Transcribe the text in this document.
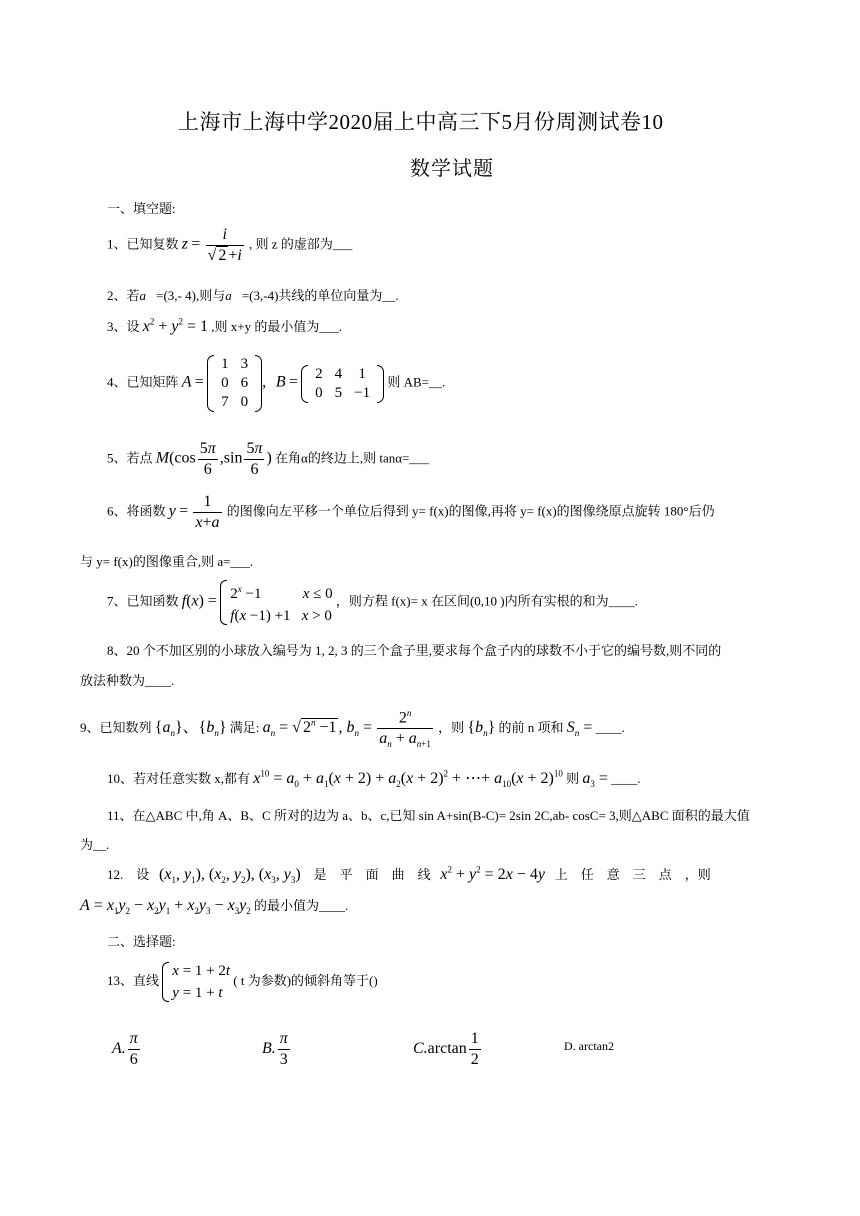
上海市上海中学2020届上中高三下5月份周测试卷10
数学试题
一、填空题:
1、已知复数 $z = \frac{i}{√ 2 +i}$ , 则 z 的虚部为___
2、若a⃗=(3,- 4),则与a⃗=(3,-4)共线的单位向量为__.
3、设 $x^2 + y^2 = 1$ ,则 x+y 的最小值为___.
4、已知矩阵 A =
1	3
0	6
7	0
, B = 2	4	1
0	5	−1
则 AB=__.
5、若点 $M(\cos \frac{5\pi}{6} ,\sin \frac{5\pi}{6}$ ) 在角α的终边上,则 tanα=___
6、将函数 $y = \frac{1}{x+a}$ 的图像向左平移一个单位后得到 y= f(x)的图像,再将 y= f(x)的图像绕原点旋转 180°后仍
与 y= f(x)的图像重合,则 a=___.
7、已知函数 $f(x) = 2^x -1$           x ≤ 0
f(x −1) +1   x > 0
，则方程 f(x)= x 在区间(0,10 )内所有实根的和为____.
8、20 个不加区别的小球放入编号为 1, 2, 3 的三个盒子里,要求每个盒子内的球数不小于它的编号数,则不同的
放法种数为____.
9、已知数列 $\{a_n\}$、$\{b_n\}$ 满足: $a_n$ = √ $2^n -1$ , $b_n = \frac{2^n}{a_n + a_{n+1}}$ ，则 $\{b_n\}$ 的前 n 项和 $S_n$ = ____.
10、若对任意实数 x,都有 $x^{10} = a_0 + a_1(x + 2) + a_2(x + 2)^2$ + ⋯+ $a_{10}(x + 2)^{10}$ 则 $a_3$ = ____.
11、在△ABC 中,角 A、B、C 所对的边为 a、b、c,已知 sin A+sin(B-C)= 2sin 2C,ab- cosC= 3,则△ABC 面积的最大值
为__.
12.　设 ($x_1$, $y_1$), ($x_2$, $y_2$), ($x_3$, $y_3$) 是　平　面　曲　线 $x^2 + y^2 = 2x - 4y$ 上　任　意　三　点　，则
$A = x_1y_2 - x_2y_1 + x_2y_3 - x_3y_2$ 的最小值为____.
二、选择题:
13、直线
x = 1 + 2t
y = 1 + t
( t 为参数)的倾斜角等于()
A. $\frac{\pi}{6}$	B. $\frac{\pi}{3}$	$C.\arctan \frac{1}{2}$	D. arctan2
